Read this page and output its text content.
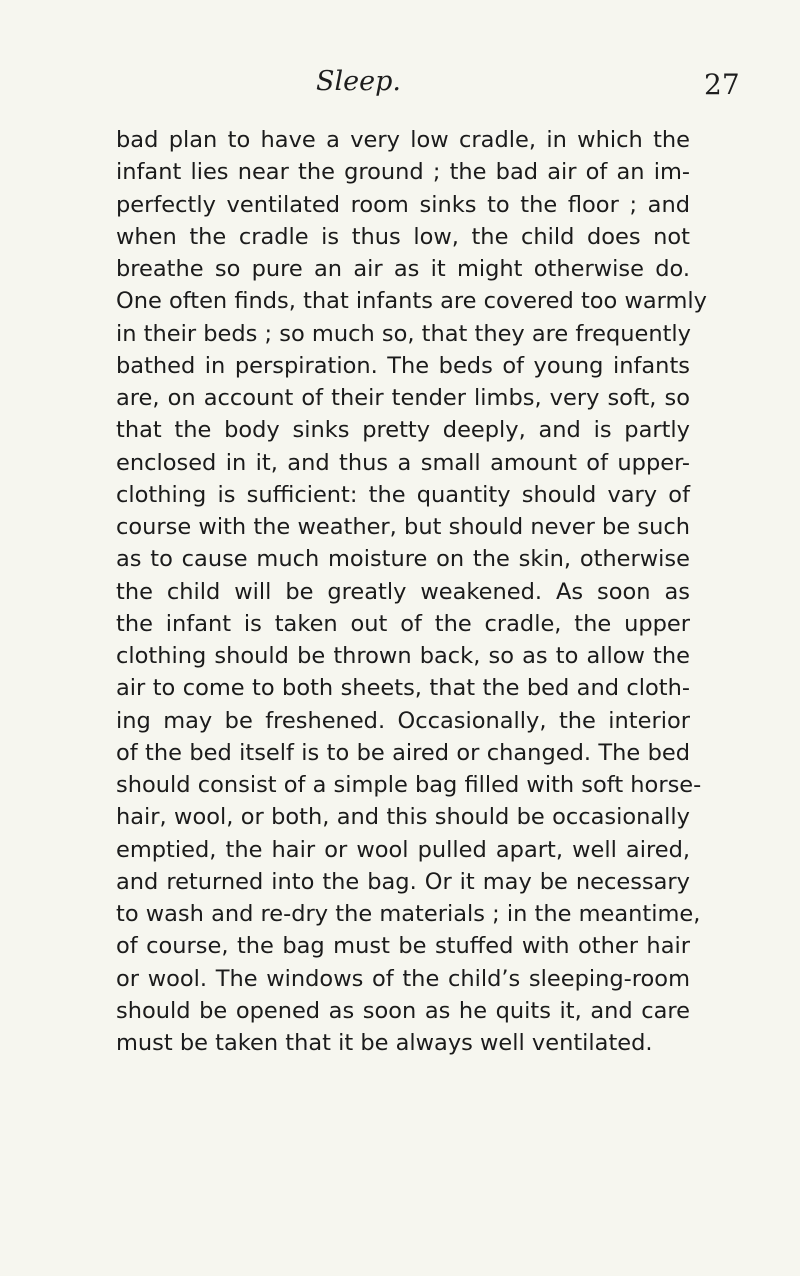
Sleep.	27
bad plan to have a very low cradle, in which the
infant lies near the ground ; the bad air of an im-
perfectly ventilated room sinks to the floor ; and
when the cradle is thus low, the child does not
breathe so pure an air as it might otherwise do.
One often finds, that infants are covered too warmly
in their beds ; so much so, that they are frequently
bathed in perspiration. The beds of young infants
are, on account of their tender limbs, very soft, so
that the body sinks pretty deeply, and is partly
enclosed in it, and thus a small amount of upper-
clothing is sufficient: the quantity should vary of
course with the weather, but should never be such
as to cause much moisture on the skin, otherwise
the child will be greatly weakened. As soon as
the infant is taken out of the cradle, the upper
clothing should be thrown back, so as to allow the
air to come to both sheets, that the bed and cloth-
ing may be freshened. Occasionally, the interior
of the bed itself is to be aired or changed. The bed
should consist of a simple bag filled with soft horse-
hair, wool, or both, and this should be occasionally
emptied, the hair or wool pulled apart, well aired,
and returned into the bag. Or it may be necessary
to wash and re-dry the materials ; in the meantime,
of course, the bag must be stuffed with other hair
or wool. The windows of the child’s sleeping-room
should be opened as soon as he quits it, and care
must be taken that it be always well ventilated.
